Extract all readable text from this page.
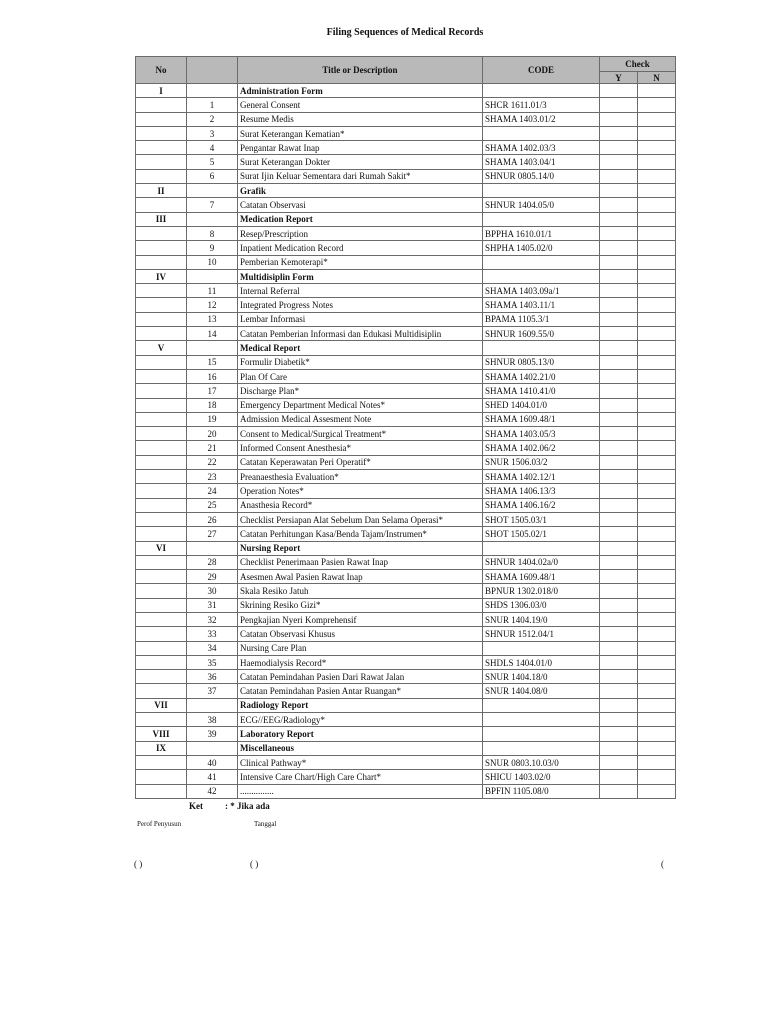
Filing Sequences of Medical Records
No		Title or Description	CODE	Check	
				Y	N
I		Administration Form			
	1	General Consent	SHCR 1611.01/3		
	2	Resume Medis	SHAMA 1403.01/2		
	3	Surat Keterangan Kematian*			
	4	Pengantar Rawat Inap	SHAMA 1402.03/3		
	5	Surat Keterangan Dokter	SHAMA 1403.04/1		
	6	Surat Ijin Keluar Sementara dari Rumah Sakit*	SHNUR 0805.14/0		
II		Grafik			
	7	Catatan Observasi	SHNUR 1404.05/0		
III		Medication Report			
	8	Resep/Prescription	BPPHA 1610.01/1		
	9	Inpatient Medication Record	SHPHA 1405.02/0		
	10	Pemberian Kemoterapi*			
IV		Multidisiplin Form			
	11	Internal Referral	SHAMA 1403.09a/1		
	12	Integrated Progress Notes	SHAMA 1403.11/1		
	13	Lembar Informasi	BPAMA 1105.3/1		
	14	Catatan Pemberian Informasi dan Edukasi Multidisiplin	SHNUR 1609.55/0		
V		Medical Report			
	15	Formulir Diabetik*	SHNUR 0805.13/0		
	16	Plan Of Care	SHAMA 1402.21/0		
	17	Discharge Plan*	SHAMA 1410.41/0		
	18	Emergency Department Medical Notes*	SHED 1404.01/0		
	19	Admission Medical Assesment Note	SHAMA 1609.48/1		
	20	Consent to Medical/Surgical Treatment*	SHAMA 1403.05/3		
	21	Informed Consent Anesthesia*	SHAMA 1402.06/2		
	22	Catatan Keperawatan Peri Operatif*	SNUR 1506.03/2		
	23	Preanaesthesia Evaluation*	SHAMA 1402.12/1		
	24	Operation Notes*	SHAMA 1406.13/3		
	25	Anasthesia Record*	SHAMA 1406.16/2		
	26	Checklist Persiapan Alat Sebelum Dan Selama Operasi*	SHOT 1505.03/1		
	27	Catatan Perhitungan Kasa/Benda Tajam/Instrumen*	SHOT 1505.02/1		
VI		Nursing Report			
	28	Checklist Penerimaan Pasien Rawat Inap	SHNUR 1404.02a/0		
	29	Asesmen Awal Pasien Rawat Inap	SHAMA 1609.48/1		
	30	Skala Resiko Jatuh	BPNUR 1302.018/0		
	31	Skrining Resiko Gizi*	SHDS 1306.03/0		
	32	Pengkajian Nyeri Komprehensif	SNUR 1404.19/0		
	33	Catatan Observasi Khusus	SHNUR 1512.04/1		
	34	Nursing Care Plan			
	35	Haemodialysis Record*	SHDLS 1404.01/0		
	36	Catatan Pemindahan Pasien Dari Rawat Jalan	SNUR 1404.18/0		
	37	Catatan Pemindahan Pasien Antar Ruangan*	SNUR 1404.08/0		
VII		Radiology Report			
	38	ECG//EEG/Radiology*			
VIII	39	Laboratory Report			
IX		Miscellaneous			
	40	Clinical Pathway*	SNUR 0803.10.03/0		
	41	Intensive Care Chart/High Care Chart*	SHICU 1403.02/0		
	42	...............	BPFIN 1105.08/0		
Ket : * Jika ada
Perof Penyusun	Tanggal
( )	( )	(
